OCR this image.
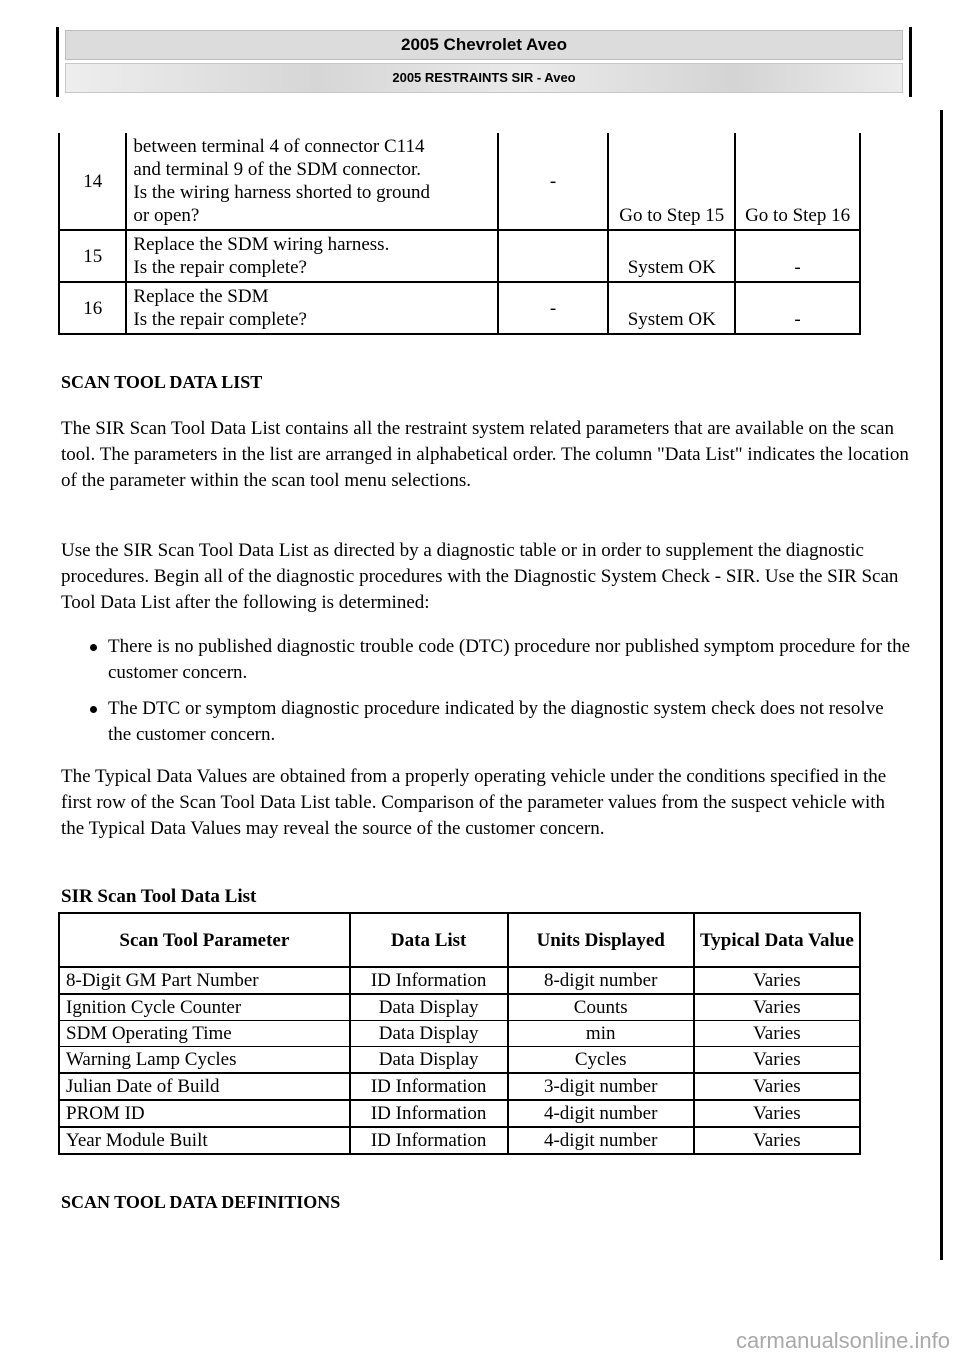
2005 Chevrolet Aveo
2005 RESTRAINTS SIR - Aveo
14	between terminal 4 of connector C114
and terminal 9 of the SDM connector.
Is the wiring harness shorted to ground
or open?	-	Go to Step 15	Go to Step 16
15	Replace the SDM wiring harness.
Is the repair complete?		System OK	-
16	Replace the SDM
Is the repair complete?	-	System OK	-
SCAN TOOL DATA LIST

The SIR Scan Tool Data List contains all the restraint system related parameters that are available on the scan tool. The parameters in the list are arranged in alphabetical order. The column "Data List" indicates the location of the parameter within the scan tool menu selections.

Use the SIR Scan Tool Data List as directed by a diagnostic table or in order to supplement the diagnostic procedures. Begin all of the diagnostic procedures with the Diagnostic System Check - SIR. Use the SIR Scan Tool Data List after the following is determined:

There is no published diagnostic trouble code (DTC) procedure nor published symptom procedure for the customer concern.
The DTC or symptom diagnostic procedure indicated by the diagnostic system check does not resolve the customer concern.

The Typical Data Values are obtained from a properly operating vehicle under the conditions specified in the first row of the Scan Tool Data List table. Comparison of the parameter values from the suspect vehicle with the Typical Data Values may reveal the source of the customer concern.

SIR Scan Tool Data List
Scan Tool Parameter	Data List	Units Displayed	Typical Data Value
8-Digit GM Part Number	ID Information	8-digit number	Varies
Ignition Cycle Counter	Data Display	Counts	Varies
SDM Operating Time	Data Display	min	Varies
Warning Lamp Cycles	Data Display	Cycles	Varies
Julian Date of Build	ID Information	3-digit number	Varies
PROM ID	ID Information	4-digit number	Varies
Year Module Built	ID Information	4-digit number	Varies
SCAN TOOL DATA DEFINITIONS
carmanualsonline.info
